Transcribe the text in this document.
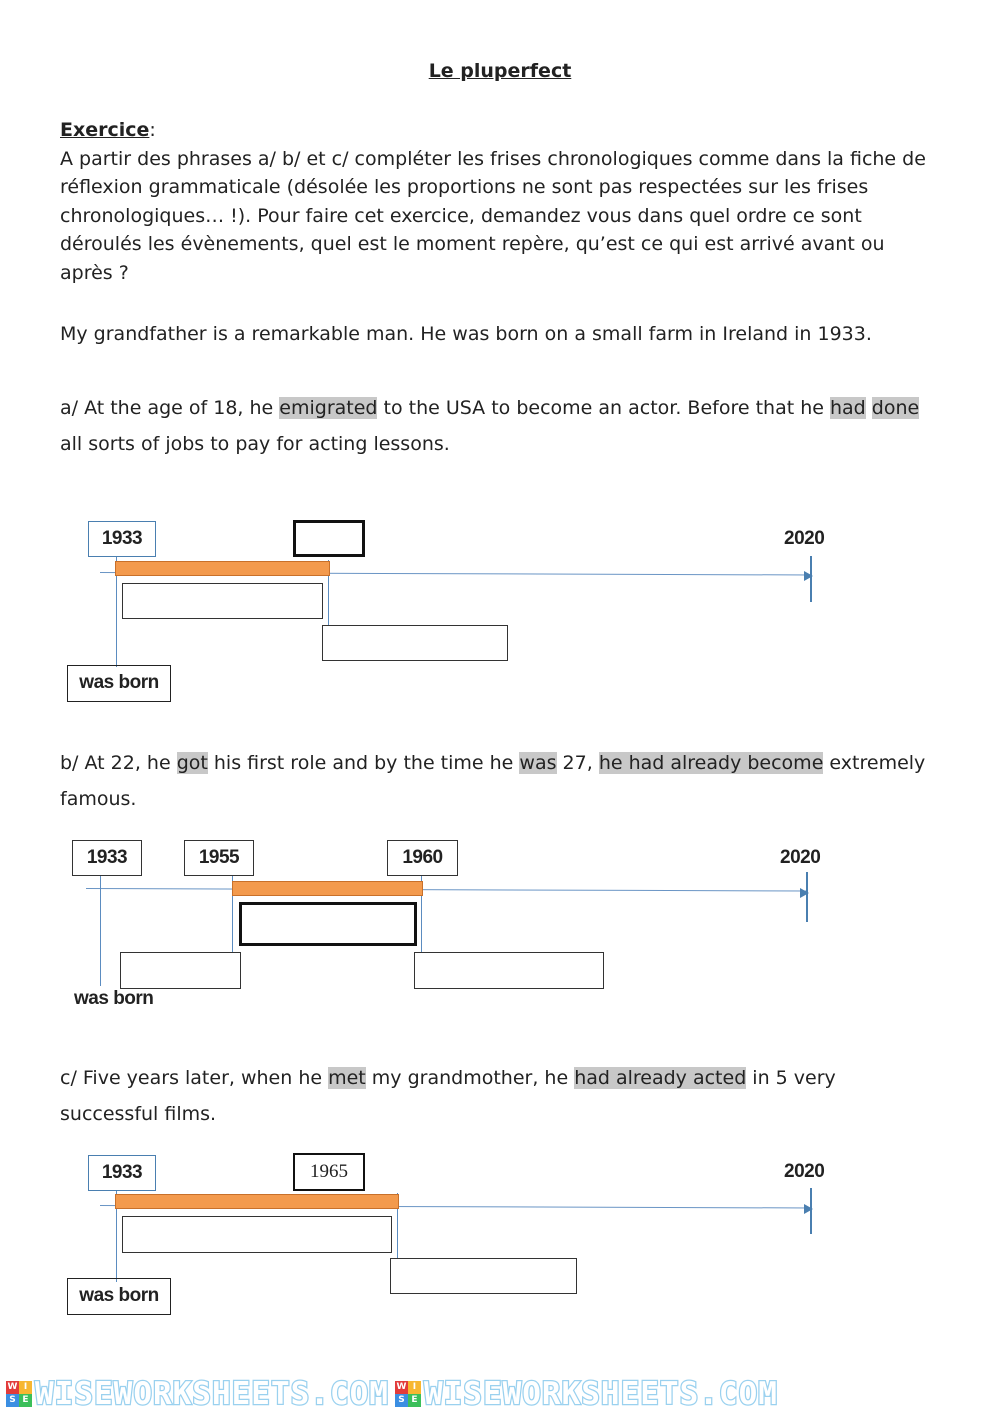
Le pluperfect
Exercice:
A partir des phrases a/ b/ et c/ compléter les frises chronologiques comme dans la fiche de réflexion grammaticale (désolée les proportions ne sont pas respectées sur les frises chronologiques… !). Pour faire cet exercice, demandez vous dans quel ordre ce sont déroulés les évènements, quel est le moment repère, qu’est ce qui est arrivé avant ou après ?
My grandfather is a remarkable man. He was born on a small farm in Ireland in 1933.
a/ At the age of 18, he emigrated to the USA to become an actor. Before that he had done all sorts of jobs to pay for acting lessons.
1933	2020
was born
b/ At 22, he got his first role and by the time he was 27, he had already become extremely famous.
1933	1955	1960	2020
was born
c/ Five years later, when he met my grandmother, he had already acted in 5 very successful films.
1933	1965	2020
was born
W I
S E WISEWORKSHEETS.COM W I
S E WISEWORKSHEETS.COM
